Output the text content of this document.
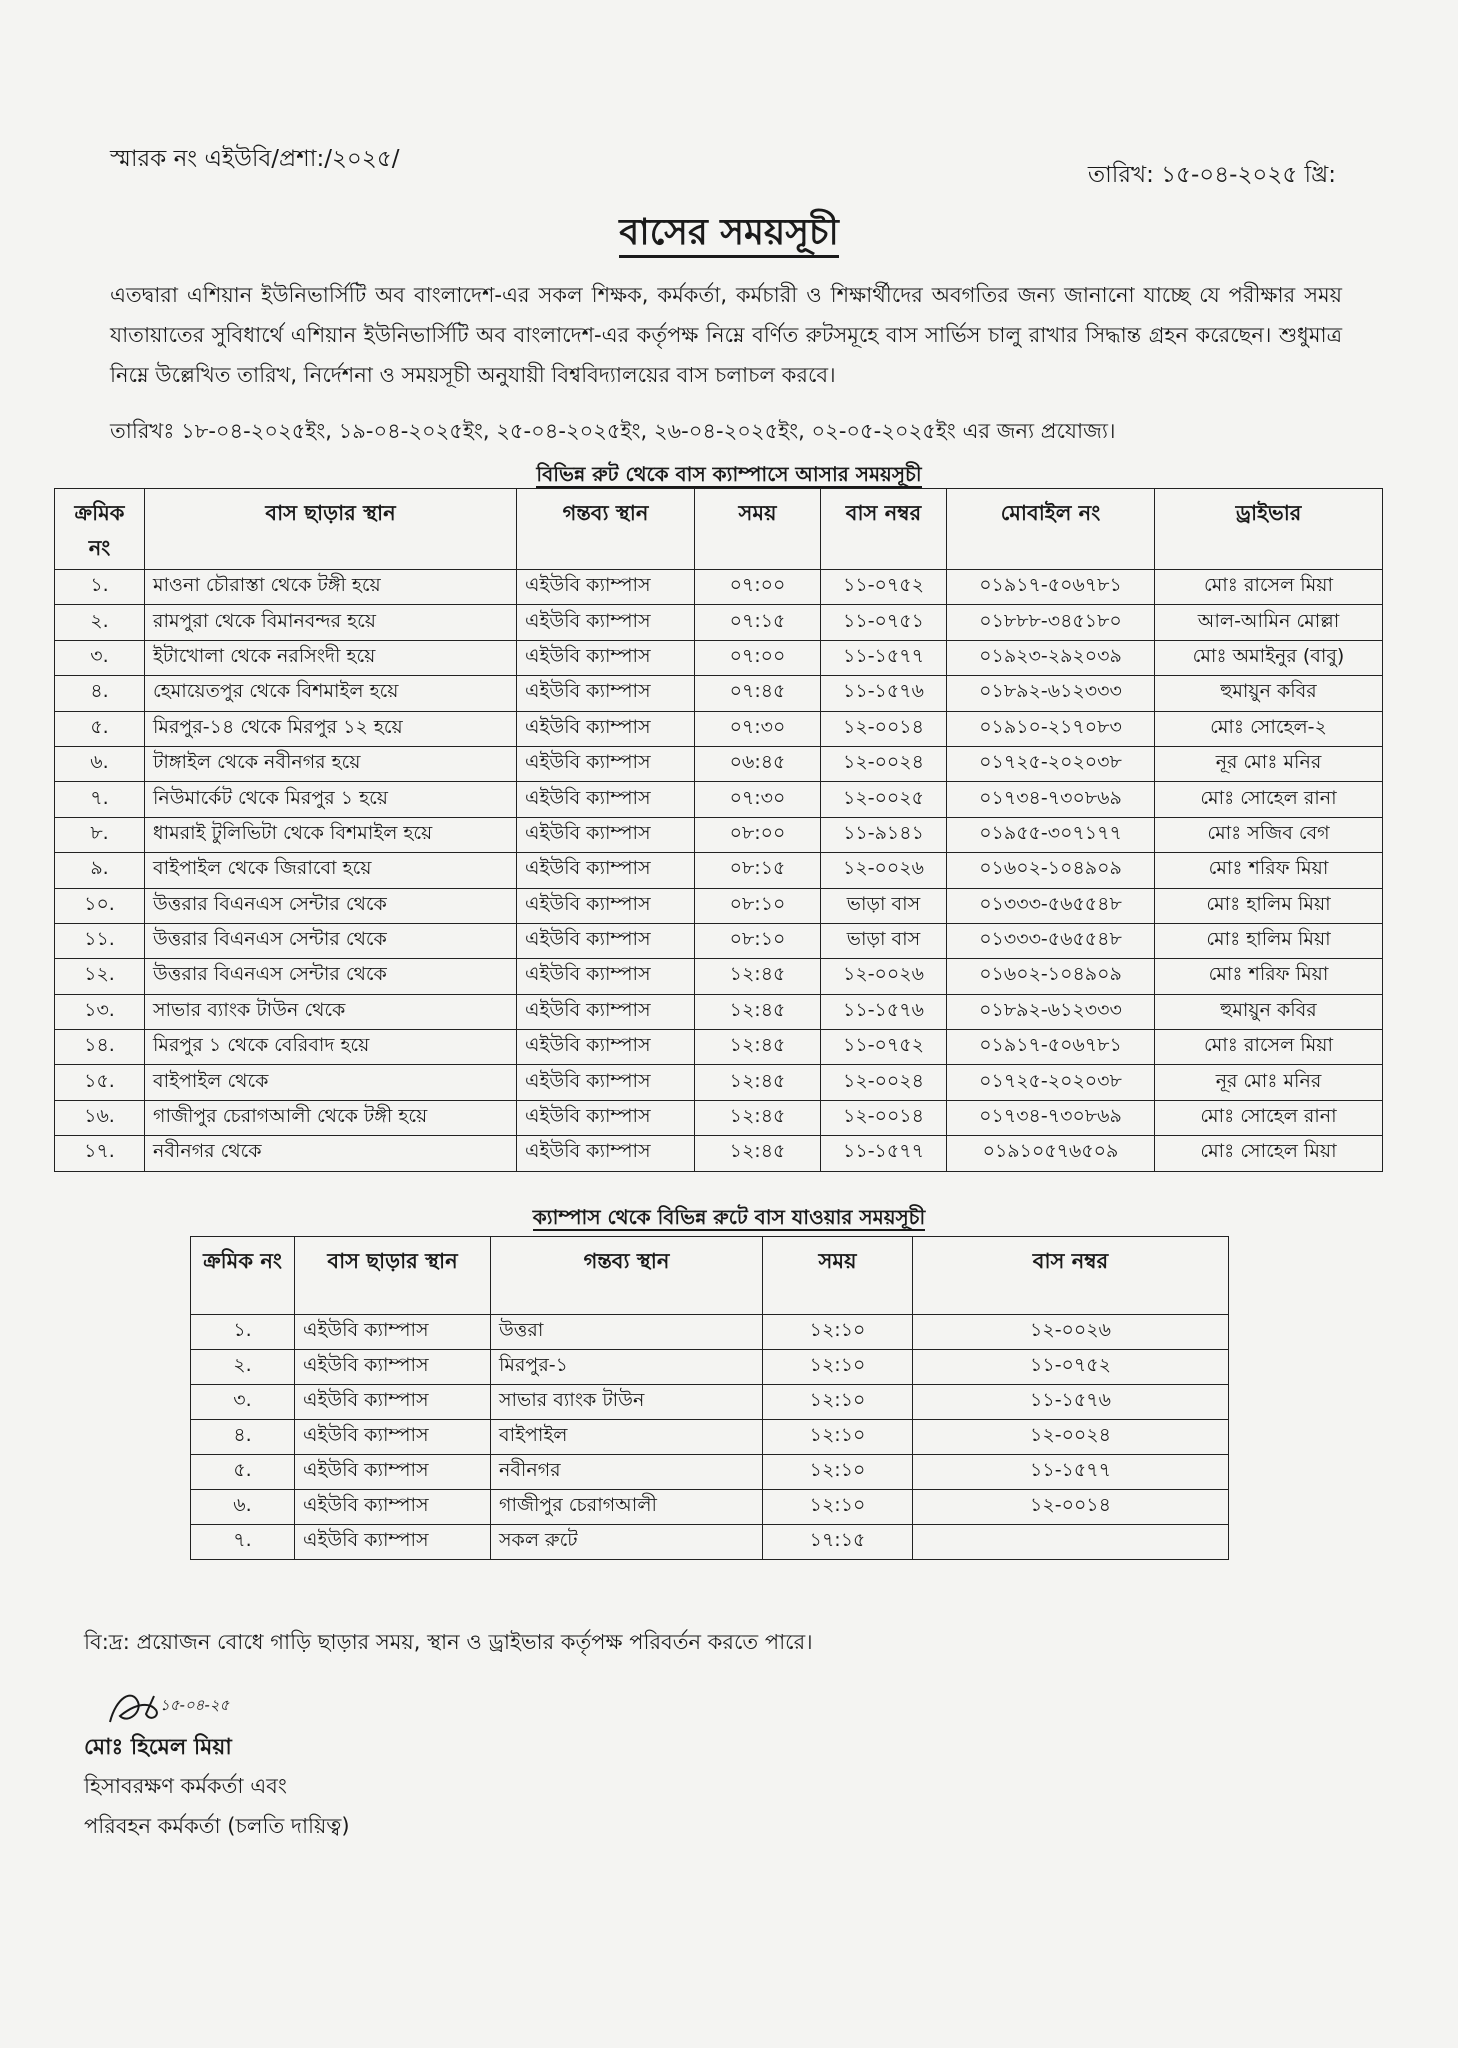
স্মারক নং এইউবি/প্রশা:/২০২৫/
তারিখ: ১৫-০৪-২০২৫ খ্রি:
বাসের সময়সূচী
এতদ্বারা এশিয়ান ইউনিভার্সিটি অব বাংলাদেশ-এর সকল শিক্ষক, কর্মকর্তা, কর্মচারী ও শিক্ষার্থীদের অবগতির জন্য জানানো যাচ্ছে যে পরীক্ষার সময় যাতায়াতের সুবিধার্থে এশিয়ান ইউনিভার্সিটি অব বাংলাদেশ-এর কর্তৃপক্ষ নিম্নে বর্ণিত রুটসমূহে বাস সার্ভিস চালু রাখার সিদ্ধান্ত গ্রহন করেছেন। শুধুমাত্র নিম্নে উল্লেখিত তারিখ, নির্দেশনা ও সময়সূচী অনুযায়ী বিশ্ববিদ্যালয়ের বাস চলাচল করবে।
তারিখঃ ১৮-০৪-২০২৫ইং, ১৯-০৪-২০২৫ইং, ২৫-০৪-২০২৫ইং, ২৬-০৪-২০২৫ইং, ০২-০৫-২০২৫ইং এর জন্য প্রযোজ্য।
বিভিন্ন রুট থেকে বাস ক্যাম্পাসে আসার সময়সূচী
ক্রমিক নং	বাস ছাড়ার স্থান	গন্তব্য স্থান	সময়	বাস নম্বর	মোবাইল নং	ড্রাইভার
১.	মাওনা চৌরাস্তা থেকে টঙ্গী হয়ে	এইউবি ক্যাম্পাস	০৭:০০	১১-০৭৫২	০১৯১৭-৫০৬৭৮১	মোঃ রাসেল মিয়া
২.	রামপুরা থেকে বিমানবন্দর হয়ে	এইউবি ক্যাম্পাস	০৭:১৫	১১-০৭৫১	০১৮৮৮-৩৪৫১৮০	আল-আমিন মোল্লা
৩.	ইটাখোলা থেকে নরসিংদী হয়ে	এইউবি ক্যাম্পাস	০৭:০০	১১-১৫৭৭	০১৯২৩-২৯২০৩৯	মোঃ অমাইনুর (বাবু)
৪.	হেমায়েতপুর থেকে বিশমাইল হয়ে	এইউবি ক্যাম্পাস	০৭:৪৫	১১-১৫৭৬	০১৮৯২-৬১২৩৩৩	হুমায়ুন কবির
৫.	মিরপুর-১৪ থেকে মিরপুর ১২ হয়ে	এইউবি ক্যাম্পাস	০৭:৩০	১২-০০১৪	০১৯১০-২১৭০৮৩	মোঃ সোহেল-২
৬.	টাঙ্গাইল থেকে নবীনগর হয়ে	এইউবি ক্যাম্পাস	০৬:৪৫	১২-০০২৪	০১৭২৫-২০২০৩৮	নূর মোঃ মনির
৭.	নিউমার্কেট থেকে মিরপুর ১ হয়ে	এইউবি ক্যাম্পাস	০৭:৩০	১২-০০২৫	০১৭৩৪-৭৩০৮৬৯	মোঃ সোহেল রানা
৮.	ধামরাই টুলিভিটা থেকে বিশমাইল হয়ে	এইউবি ক্যাম্পাস	০৮:০০	১১-৯১৪১	০১৯৫৫-৩০৭১৭৭	মোঃ সজিব বেগ
৯.	বাইপাইল থেকে জিরাবো হয়ে	এইউবি ক্যাম্পাস	০৮:১৫	১২-০০২৬	০১৬০২-১০৪৯০৯	মোঃ শরিফ মিয়া
১০.	উত্তরার বিএনএস সেন্টার থেকে	এইউবি ক্যাম্পাস	০৮:১০	ভাড়া বাস	০১৩৩৩-৫৬৫৫৪৮	মোঃ হালিম মিয়া
১১.	উত্তরার বিএনএস সেন্টার থেকে	এইউবি ক্যাম্পাস	০৮:১০	ভাড়া বাস	০১৩৩৩-৫৬৫৫৪৮	মোঃ হালিম মিয়া
১২.	উত্তরার বিএনএস সেন্টার থেকে	এইউবি ক্যাম্পাস	১২:৪৫	১২-০০২৬	০১৬০২-১০৪৯০৯	মোঃ শরিফ মিয়া
১৩.	সাভার ব্যাংক টাউন থেকে	এইউবি ক্যাম্পাস	১২:৪৫	১১-১৫৭৬	০১৮৯২-৬১২৩৩৩	হুমায়ুন কবির
১৪.	মিরপুর ১ থেকে বেরিবাদ হয়ে	এইউবি ক্যাম্পাস	১২:৪৫	১১-০৭৫২	০১৯১৭-৫০৬৭৮১	মোঃ রাসেল মিয়া
১৫.	বাইপাইল থেকে	এইউবি ক্যাম্পাস	১২:৪৫	১২-০০২৪	০১৭২৫-২০২০৩৮	নূর মোঃ মনির
১৬.	গাজীপুর চেরাগআলী থেকে টঙ্গী হয়ে	এইউবি ক্যাম্পাস	১২:৪৫	১২-০০১৪	০১৭৩৪-৭৩০৮৬৯	মোঃ সোহেল রানা
১৭.	নবীনগর থেকে	এইউবি ক্যাম্পাস	১২:৪৫	১১-১৫৭৭	০১৯১০৫৭৬৫০৯	মোঃ সোহেল মিয়া
ক্যাম্পাস থেকে বিভিন্ন রুটে বাস যাওয়ার সময়সূচী
ক্রমিক নং	বাস ছাড়ার স্থান	গন্তব্য স্থান	সময়	বাস নম্বর
১.	এইউবি ক্যাম্পাস	উত্তরা	১২:১০	১২-০০২৬
২.	এইউবি ক্যাম্পাস	মিরপুর-১	১২:১০	১১-০৭৫২
৩.	এইউবি ক্যাম্পাস	সাভার ব্যাংক টাউন	১২:১০	১১-১৫৭৬
৪.	এইউবি ক্যাম্পাস	বাইপাইল	১২:১০	১২-০০২৪
৫.	এইউবি ক্যাম্পাস	নবীনগর	১২:১০	১১-১৫৭৭
৬.	এইউবি ক্যাম্পাস	গাজীপুর চেরাগআলী	১২:১০	১২-০০১৪
৭.	এইউবি ক্যাম্পাস	সকল রুটে	১৭:১৫	
বি:দ্র: প্রয়োজন বোধে গাড়ি ছাড়ার সময়, স্থান ও ড্রাইভার কর্তৃপক্ষ পরিবর্তন করতে পারে।
১৫-০৪-২৫
মোঃ হিমেল মিয়া
হিসাবরক্ষণ কর্মকর্তা এবং
পরিবহন কর্মকর্তা (চলতি দায়িত্ব)
